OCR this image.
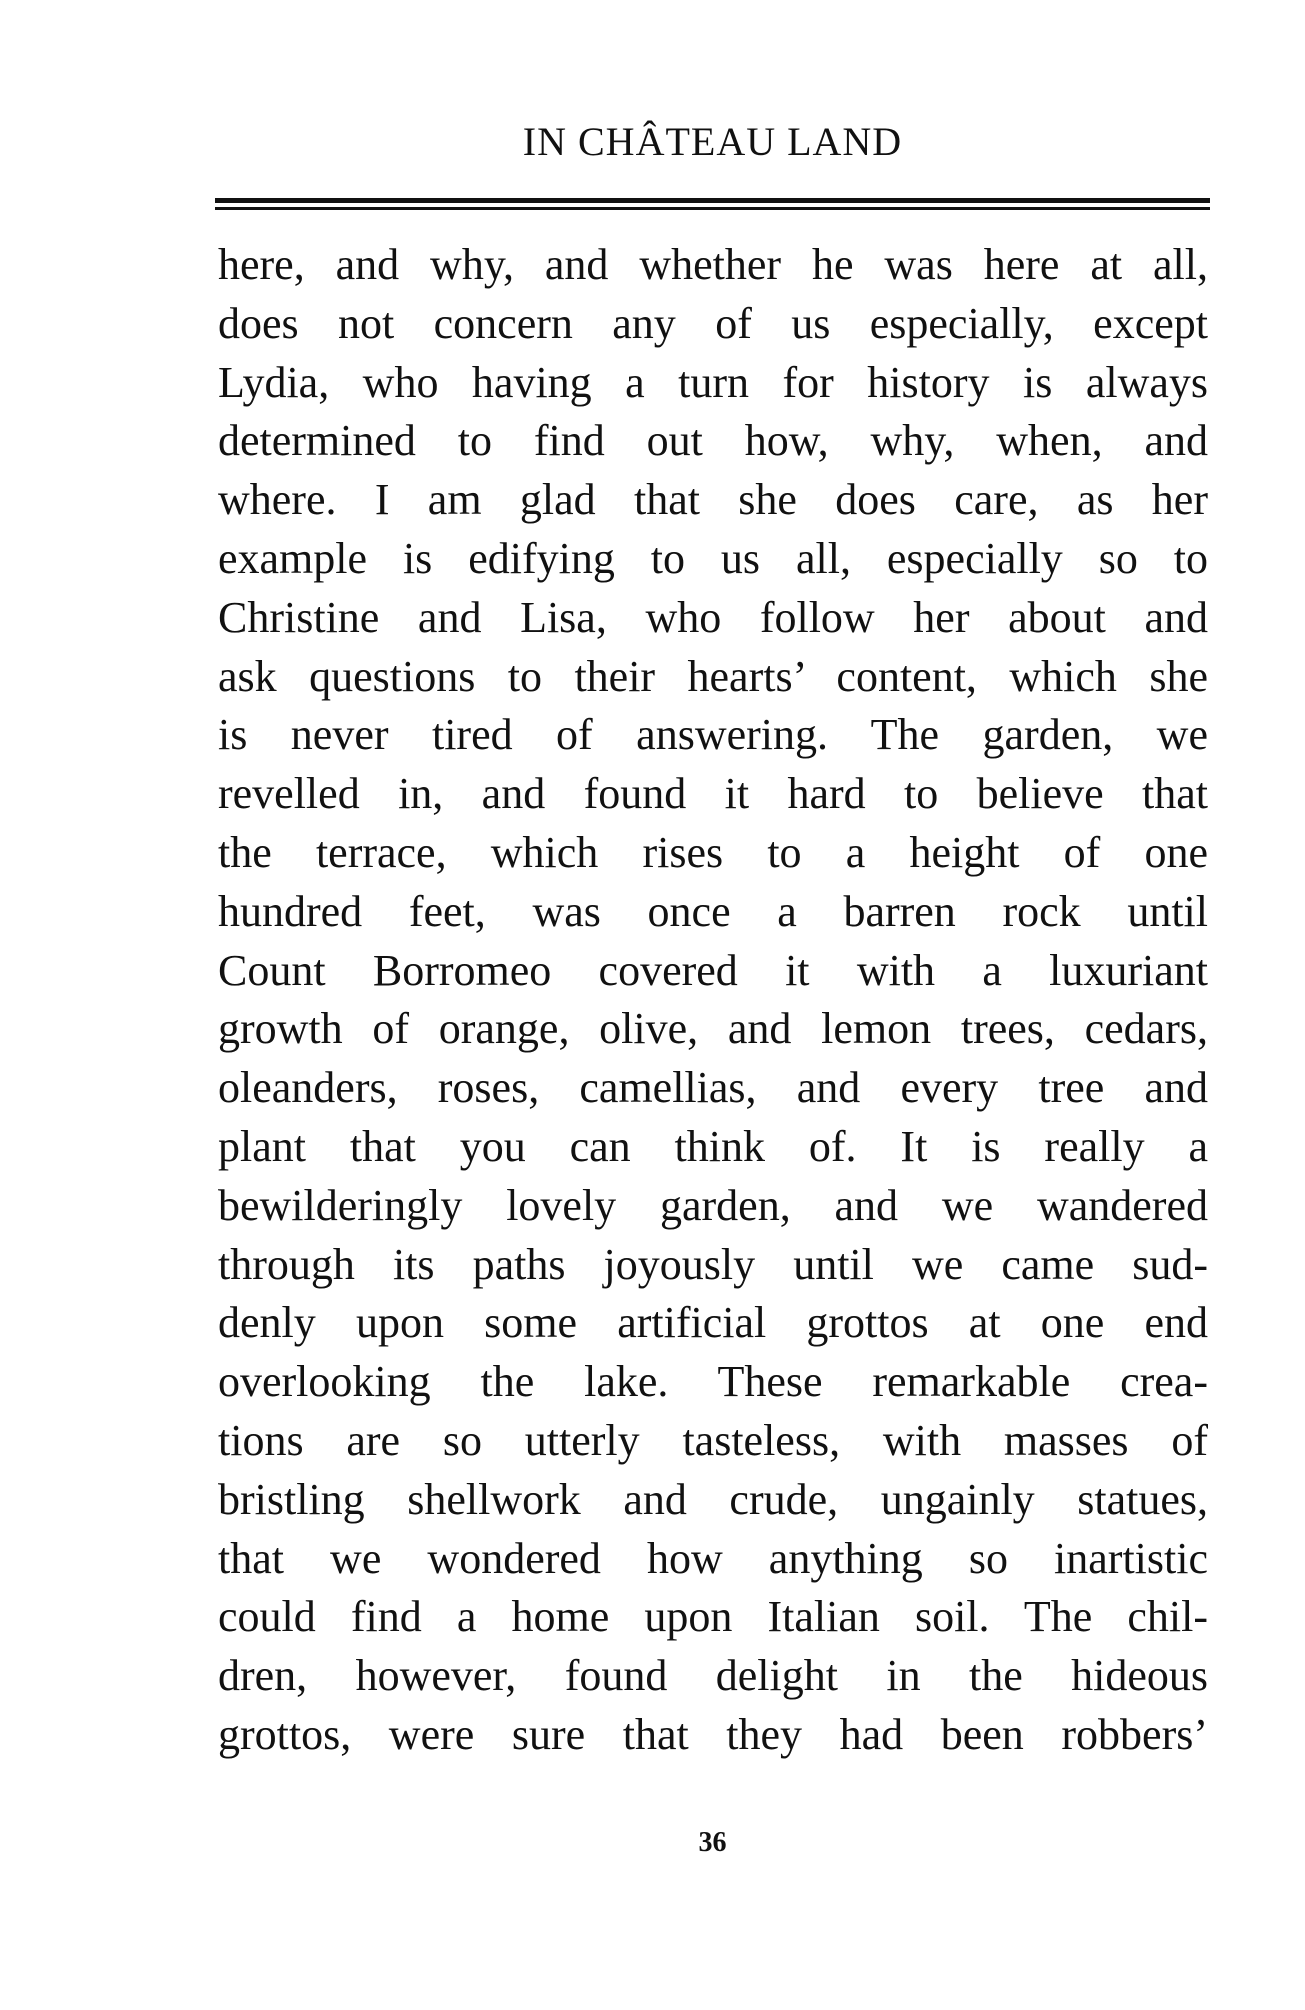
IN CHÂTEAU LAND
here, and why, and whether he was here at all,
does not concern any of us especially, except
Lydia, who having a turn for history is always
determined to find out how, why, when, and
where. I am glad that she does care, as her
example is edifying to us all, especially so to
Christine and Lisa, who follow her about and
ask questions to their hearts’ content, which she
is never tired of answering. The garden, we
revelled in, and found it hard to believe that
the terrace, which rises to a height of one
hundred feet, was once a barren rock until
Count Borromeo covered it with a luxuriant
growth of orange, olive, and lemon trees, cedars,
oleanders, roses, camellias, and every tree and
plant that you can think of. It is really a
bewilderingly lovely garden, and we wandered
through its paths joyously until we came sud-
denly upon some artificial grottos at one end
overlooking the lake. These remarkable crea-
tions are so utterly tasteless, with masses of
bristling shellwork and crude, ungainly statues,
that we wondered how anything so inartistic
could find a home upon Italian soil. The chil-
dren, however, found delight in the hideous
grottos, were sure that they had been robbers’
36
